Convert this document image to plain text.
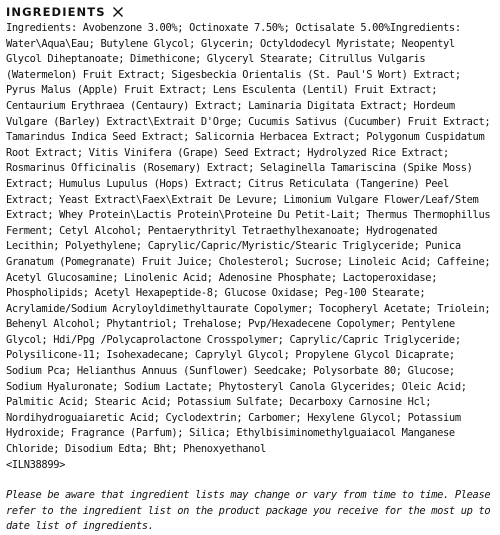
INGREDIENTS

Ingredients: Avobenzone 3.00%; Octinoxate 7.50%; Octisalate 5.00%Ingredients: Water\Aqua\Eau; Butylene Glycol; Glycerin; Octyldodecyl Myristate; Neopentyl Glycol Diheptanoate; Dimethicone; Glyceryl Stearate; Citrullus Vulgaris (Watermelon) Fruit Extract; Sigesbeckia Orientalis (St. Paul'S Wort) Extract; Pyrus Malus (Apple) Fruit Extract; Lens Esculenta (Lentil) Fruit Extract; Centaurium Erythraea (Centaury) Extract; Laminaria Digitata Extract; Hordeum Vulgare (Barley) Extract\Extrait D'Orge; Cucumis Sativus (Cucumber) Fruit Extract; Tamarindus Indica Seed Extract; Salicornia Herbacea Extract; Polygonum Cuspidatum Root Extract; Vitis Vinifera (Grape) Seed Extract; Hydrolyzed Rice Extract; Rosmarinus Officinalis (Rosemary) Extract; Selaginella Tamariscina (Spike Moss) Extract; Humulus Lupulus (Hops) Extract; Citrus Reticulata (Tangerine) Peel Extract; Yeast Extract\Faex\Extrait De Levure; Limonium Vulgare Flower/Leaf/Stem Extract; Whey Protein\Lactis Protein\Proteine Du Petit-Lait; Thermus Thermophillus Ferment; Cetyl Alcohol; Pentaerythrityl Tetraethylhexanoate; Hydrogenated Lecithin; Polyethylene; Caprylic/Capric/Myristic/Stearic Triglyceride; Punica Granatum (Pomegranate) Fruit Juice; Cholesterol; Sucrose; Linoleic Acid; Caffeine; Acetyl Glucosamine; Linolenic Acid; Adenosine Phosphate; Lactoperoxidase; Phospholipids; Acetyl Hexapeptide-8; Glucose Oxidase; Peg-100 Stearate; Acrylamide/Sodium Acryloyldimethyltaurate Copolymer; Tocopheryl Acetate; Triolein; Behenyl Alcohol; Phytantriol; Trehalose; Pvp/Hexadecene Copolymer; Pentylene Glycol; Hdi/Ppg /Polycaprolactone Crosspolymer; Caprylic/Capric Triglyceride; Polysilicone-11; Isohexadecane; Caprylyl Glycol; Propylene Glycol Dicaprate; Sodium Pca; Helianthus Annuus (Sunflower) Seedcake; Polysorbate 80; Glucose; Sodium Hyaluronate; Sodium Lactate; Phytosteryl Canola Glycerides; Oleic Acid; Palmitic Acid; Stearic Acid; Potassium Sulfate; Decarboxy Carnosine Hcl; Nordihydroguaiaretic Acid; Cyclodextrin; Carbomer; Hexylene Glycol; Potassium Hydroxide; Fragrance (Parfum); Silica; Ethylbisiminomethylguaiacol Manganese Chloride; Disodium Edta; Bht; Phenoxyethanol
<ILN38899>

Please be aware that ingredient lists may change or vary from time to time. Please refer to the ingredient list on the product package you receive for the most up to date list of ingredients.
